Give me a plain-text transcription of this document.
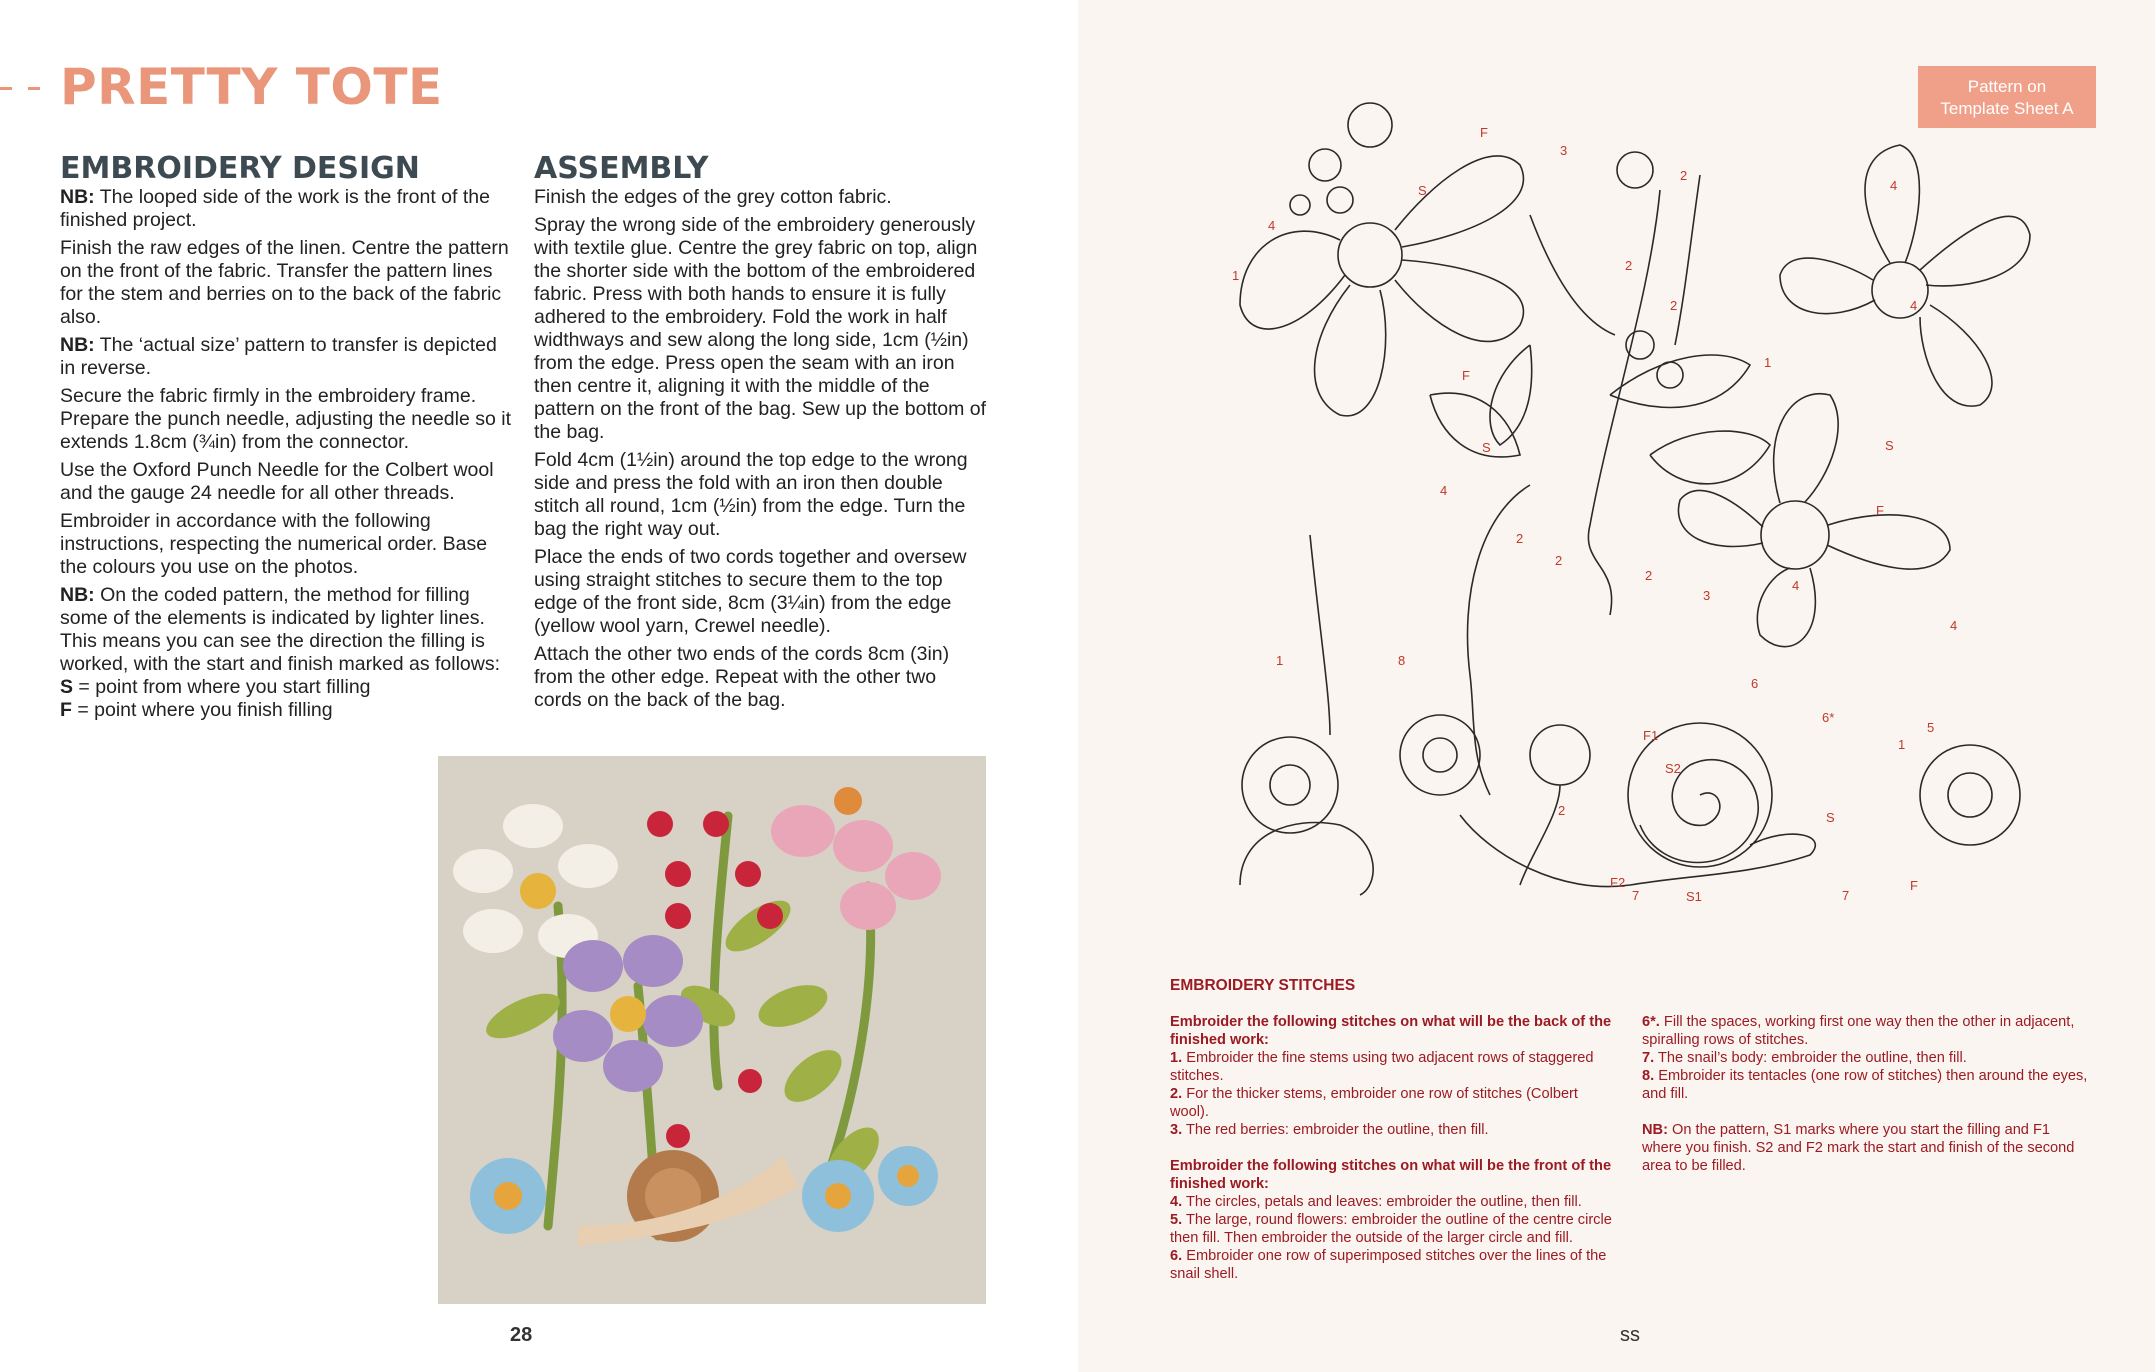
PRETTY TOTE
EMBROIDERY DESIGN

NB: The looped side of the work is the front of the finished project.

Finish the raw edges of the linen. Centre the pattern on the front of the fabric. Transfer the pattern lines for the stem and berries on to the back of the fabric also.

NB: The ‘actual size’ pattern to transfer is depicted in reverse.

Secure the fabric firmly in the embroidery frame. Prepare the punch needle, adjusting the needle so it extends 1.8cm (¾in) from the connector.

Use the Oxford Punch Needle for the Colbert wool and the gauge 24 needle for all other threads.

Embroider in accordance with the following instructions, respecting the numerical order. Base the colours you use on the photos.

NB: On the coded pattern, the method for filling some of the elements is indicated by lighter lines. This means you can see the direction the filling is worked, with the start and finish marked as follows:

S = point from where you start filling

F = point where you finish filling

ASSEMBLY

Finish the edges of the grey cotton fabric.

Spray the wrong side of the embroidery generously with textile glue. Centre the grey fabric on top, align the shorter side with the bottom of the embroidered fabric. Press with both hands to ensure it is fully adhered to the embroidery. Fold the work in half widthways and sew along the long side, 1cm (½in) from the edge. Press open the seam with an iron then centre it, aligning it with the middle of the pattern on the front of the bag. Sew up the bottom of the bag.

Fold 4cm (1½in) around the top edge to the wrong side and press the fold with an iron then double stitch all round, 1cm (½in) from the edge. Turn the bag the right way out.

Place the ends of two cords together and oversew using straight stitches to secure them to the top edge of the front side, 8cm (3¼in) from the edge (yellow wool yarn, Crewel needle).

Attach the other two ends of the cords 8cm (3in) from the other edge. Repeat with the other two cords on the back of the bag.

28
Pattern on
Template Sheet A
F
S
4
3
2
2
2
4
4
1
F
S
4
1
2
2
3
4
S
F
1	8
F1
S2
6
6*
2
F2
7	S1	7
S
F
1
5
4
2
EMBROIDERY STITCHES

Embroider the following stitches on what will be the back of the finished work:

1. Embroider the fine stems using two adjacent rows of staggered stitches.

2. For the thicker stems, embroider one row of stitches (Colbert wool).

3. The red berries: embroider the outline, then fill.

Embroider the following stitches on what will be the front of the finished work:

4. The circles, petals and leaves: embroider the outline, then fill.

5. The large, round flowers: embroider the outline of the centre circle then fill. Then embroider the outside of the larger circle and fill.

6. Embroider one row of superimposed stitches over the lines of the snail shell.

6*. Fill the spaces, working first one way then the other in adjacent, spiralling rows of stitches.

7. The snail’s body: embroider the outline, then fill.

8. Embroider its tentacles (one row of stitches) then around the eyes, and fill.

NB: On the pattern, S1 marks where you start the filling and F1 where you finish. S2 and F2 mark the start and finish of the second area to be filled.

ss
